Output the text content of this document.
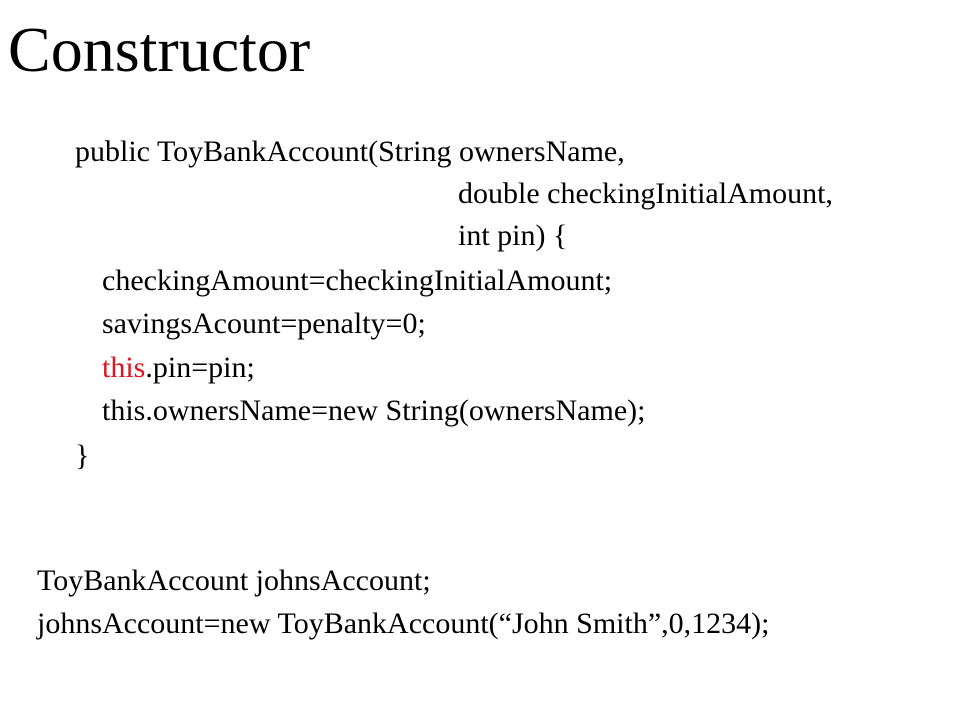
Constructor
public ToyBankAccount(String ownersName,
double checkingInitialAmount,
int pin) {
checkingAmount=checkingInitialAmount;
savingsAcount=penalty=0;
this.pin=pin;
this.ownersName=new String(ownersName);
}
ToyBankAccount johnsAccount;
johnsAccount=new ToyBankAccount(“John Smith”,0,1234);
